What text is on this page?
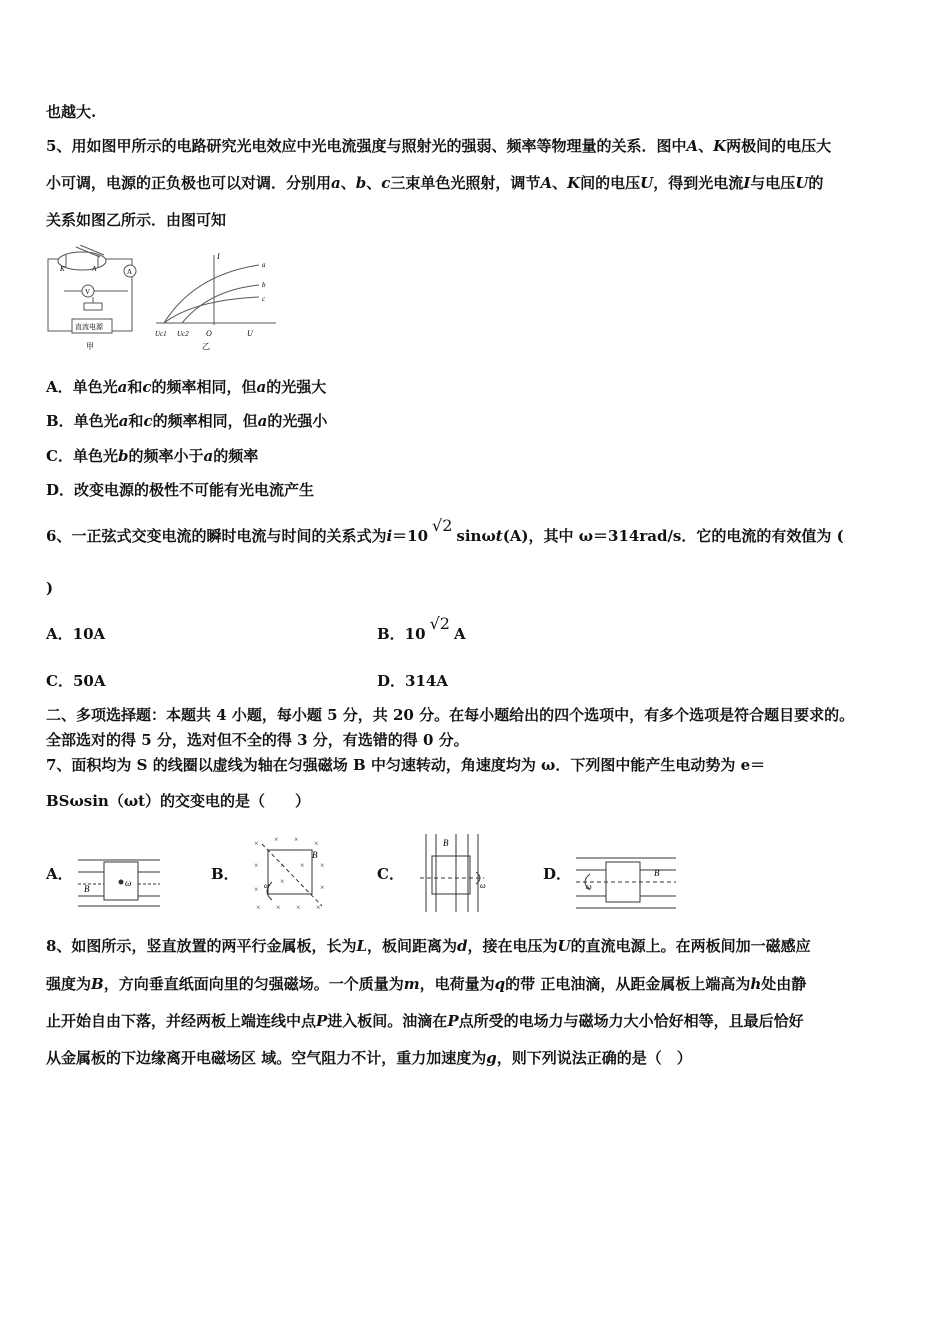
也越大.
5、用如图甲所示的电路研究光电效应中光电流强度与照射光的强弱、频率等物理量的关系．图中A、K两极间的电压大
小可调，电源的正负极也可以对调．分别用a、b、c三束单色光照射，调节A、K间的电压U，得到光电流I与电压U的
关系如图乙所示．由图可知
K	A	A
V
直流电源
甲	乙
I
U
O
Uc1 Uc2
a
b
c
A．单色光a和c的频率相同，但a的光强大
B．单色光a和c的频率相同，但a的光强小
C．单色光b的频率小于a的频率
D．改变电源的极性不可能有光电流产生
6、一正弦式交变电流的瞬时电流与时间的关系式为i＝10√2sinωt(A)，其中 ω＝314rad/s．它的电流的有效值为 (
)
A．10A	B．10√2A
C．50A	D．314A
二、多项选择题：本题共 4 小题，每小题 5 分，共 20 分。在每小题给出的四个选项中，有多个选项是符合题目要求的。
全部选对的得 5 分，选对但不全的得 3 分，有选错的得 0 分。
7、面积均为 S 的线圈以虚线为轴在匀强磁场 B 中匀速转动，角速度均为 ω．下列图中能产生电动势为 e＝
BSωsin（ωt）的交变电的是（　　）
A．
B
ω	B．
× × × ×
×	× × ×
×
×
×
× × × ×
B
ω
C．
B
ω
D．	B
ω
8、如图所示，竖直放置的两平行金属板，长为L，板间距离为d，接在电压为U的直流电源上。在两板间加一磁感应
强度为B，方向垂直纸面向里的匀强磁场。一个质量为m，电荷量为q的带 正电油滴，从距金属板上端高为h处由静
止开始自由下落，并经两板上端连线中点P进入板间。油滴在P点所受的电场力与磁场力大小恰好相等，且最后恰好
从金属板的下边缘离开电磁场区 域。空气阻力不计，重力加速度为g，则下列说法正确的是（　）
